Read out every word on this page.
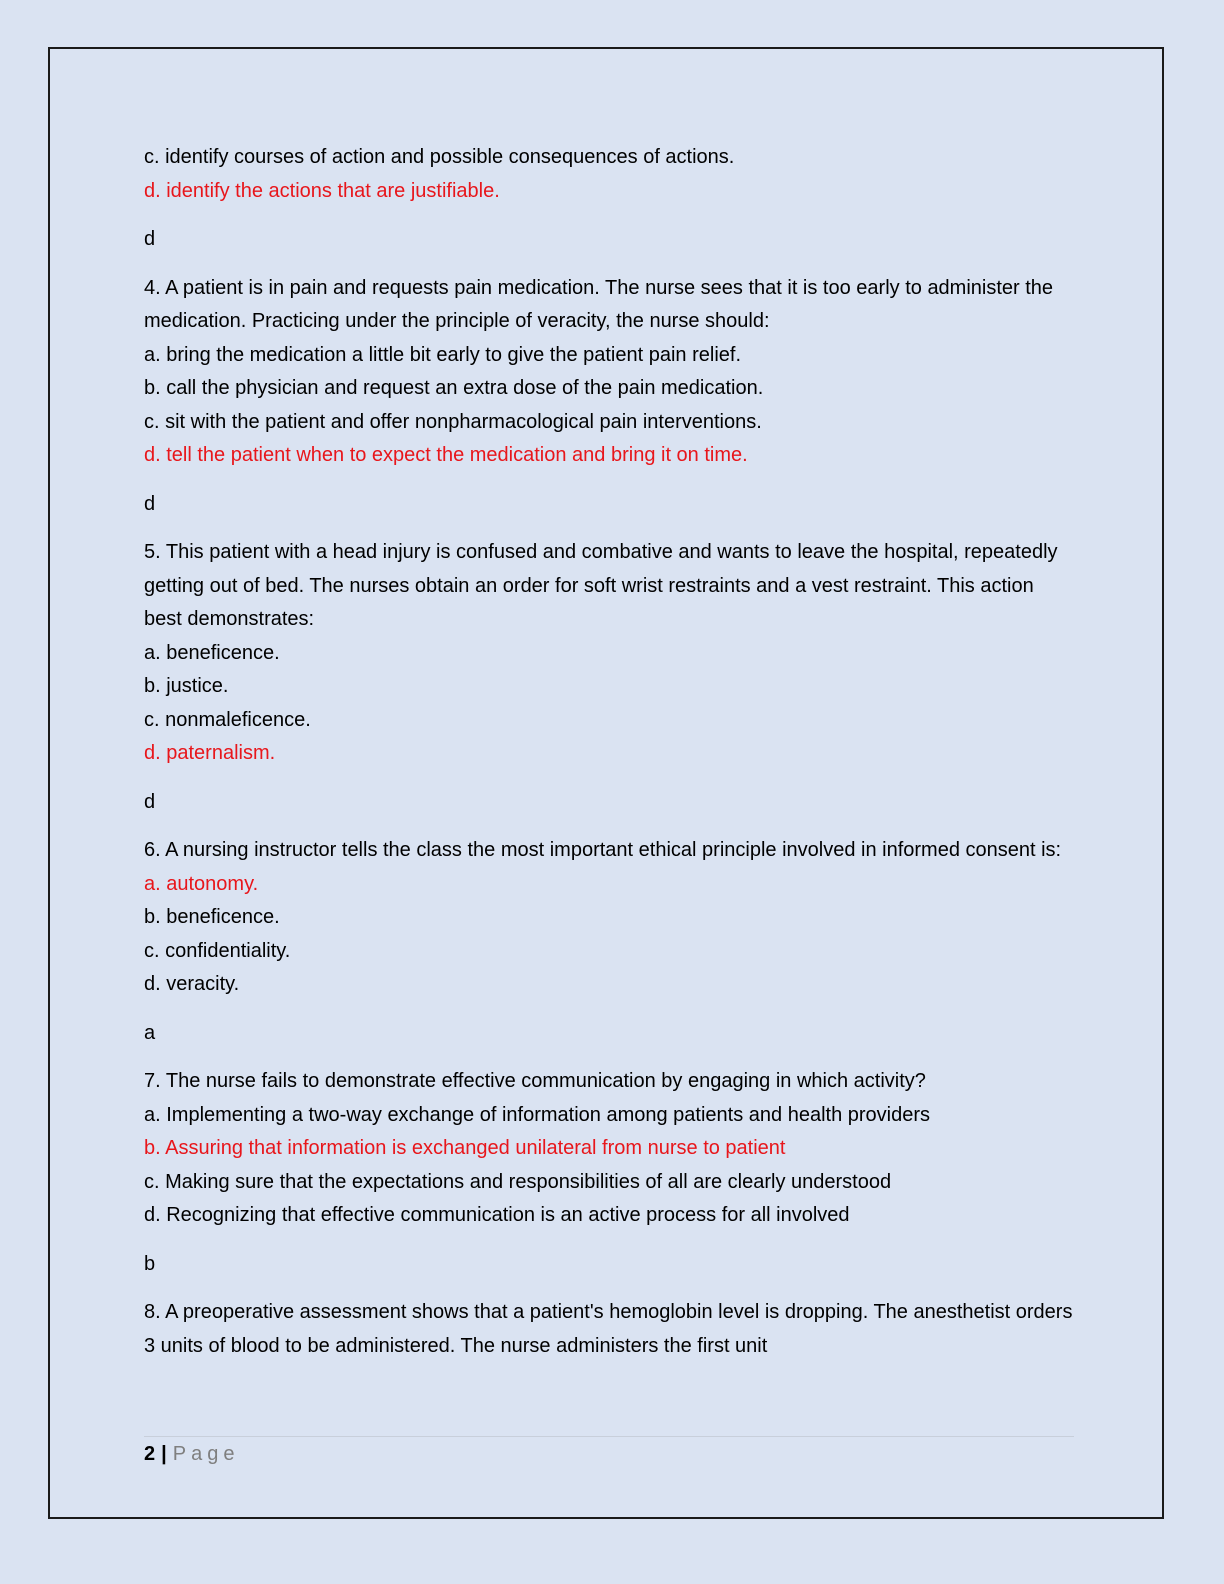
c. identify courses of action and possible consequences of actions.
d. identify the actions that are justifiable.
d
4. A patient is in pain and requests pain medication. The nurse sees that it is too early to administer the medication. Practicing under the principle of veracity, the nurse should:
a. bring the medication a little bit early to give the patient pain relief.
b. call the physician and request an extra dose of the pain medication.
c. sit with the patient and offer nonpharmacological pain interventions.
d. tell the patient when to expect the medication and bring it on time.
d
5. This patient with a head injury is confused and combative and wants to leave the hospital, repeatedly getting out of bed. The nurses obtain an order for soft wrist restraints and a vest restraint. This action best demonstrates:
a. beneficence.
b. justice.
c. nonmaleficence.
d. paternalism.
d
6. A nursing instructor tells the class the most important ethical principle involved in informed consent is:
a. autonomy.
b. beneficence.
c. confidentiality.
d. veracity.
a
7. The nurse fails to demonstrate effective communication by engaging in which activity?
a. Implementing a two-way exchange of information among patients and health providers
b. Assuring that information is exchanged unilateral from nurse to patient
c. Making sure that the expectations and responsibilities of all are clearly understood
d. Recognizing that effective communication is an active process for all involved
b
8. A preoperative assessment shows that a patient's hemoglobin level is dropping. The anesthetist orders 3 units of blood to be administered. The nurse administers the first unit
2 | Page
